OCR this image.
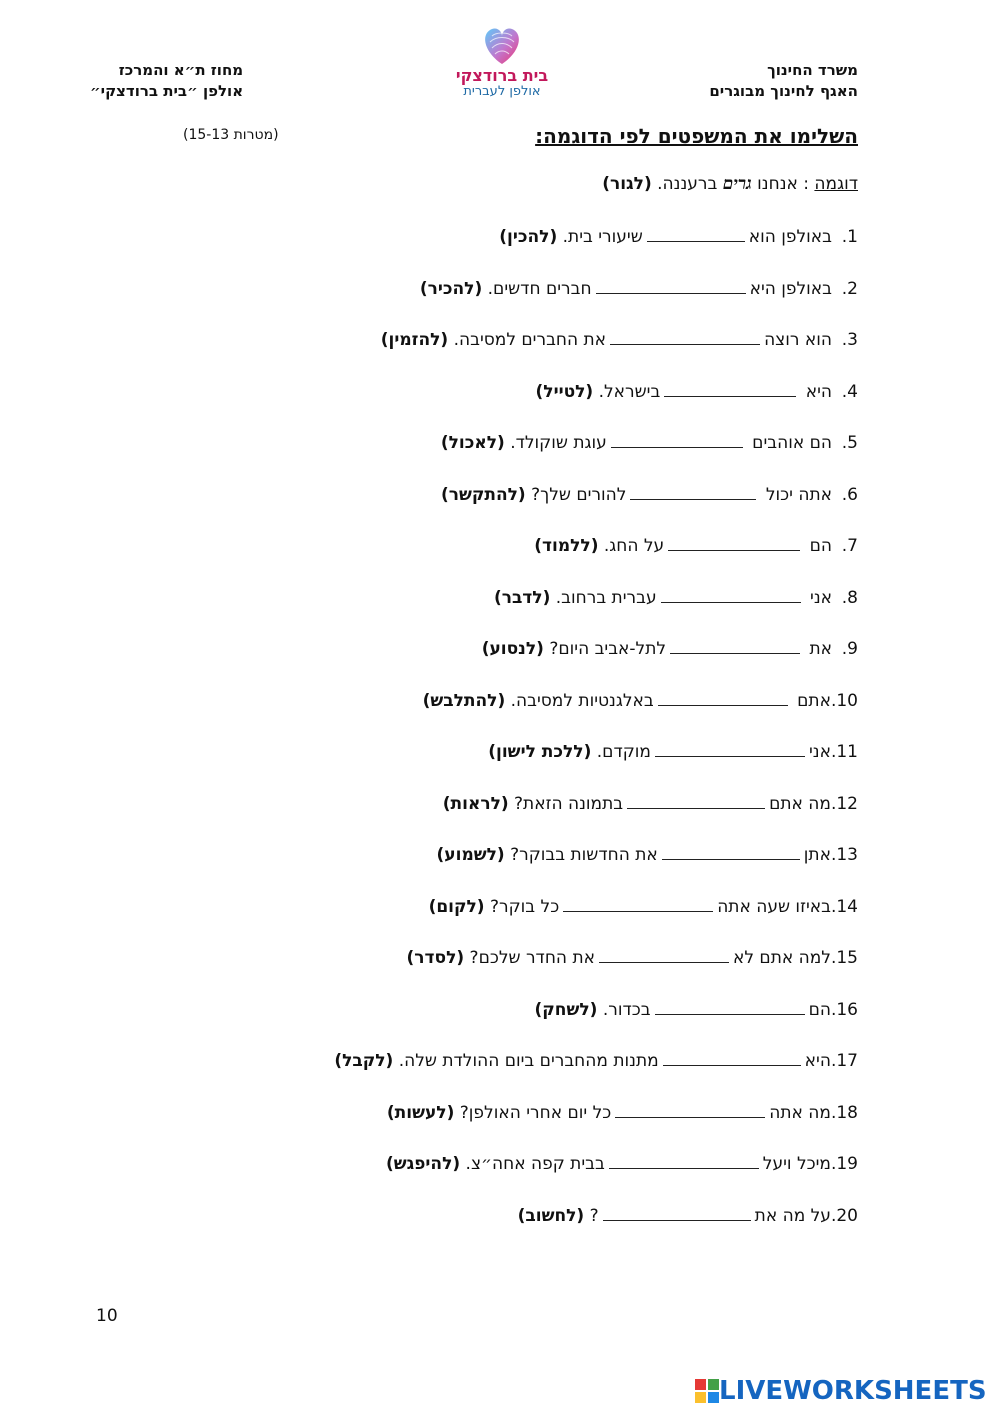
משרד החינוך
האגף לחינוך מבוגרים
בית ברודצקי
אולפן לעברית
מחוז ת״א והמרכז
אולפן ״בית ברודצקי״
השלימו את המשפטים לפי הדוגמה:
(15-13 מטרות)
דוגמה : אנחנו גרים ברעננה. (לגור)
1.באולפן הואשיעורי בית. (להכין)
2.באולפן היאחברים חדשים. (להכיר)
3.הוא רוצהאת החברים למסיבה. (להזמין)
4.היא בישראל. (לטייל)
5.הם אוהבים עוגת שוקולד. (לאכול)
6.אתה יכול להורים שלך? (להתקשר)
7.הם על החג. (ללמוד)
8.אני עברית ברחוב. (לדבר)
9.את לתל-אביב היום? (לנסוע)
10.אתם באלגנטיות למסיבה. (להתלבש)
11.אנימוקדם. (ללכת לישון)
12.מה אתםבתמונה הזאת? (לראות)
13.אתןאת החדשות בבוקר? (לשמוע)
14.באיזו שעה אתהכל בוקר? (לקום)
15.למה אתם לאאת החדר שלכם? (לסדר)
16.הםבכדור. (לשחק)
17.היאמתנות מהחברים ביום ההולדת שלה. (לקבל)
18.מה אתהכל יום אחרי האולפן? (לעשות)
19.מיכל ויעלבבית קפה אחה״צ. (להיפגש)
20.על מה את? (לחשוב)
10
LIVEWORKSHEETS
